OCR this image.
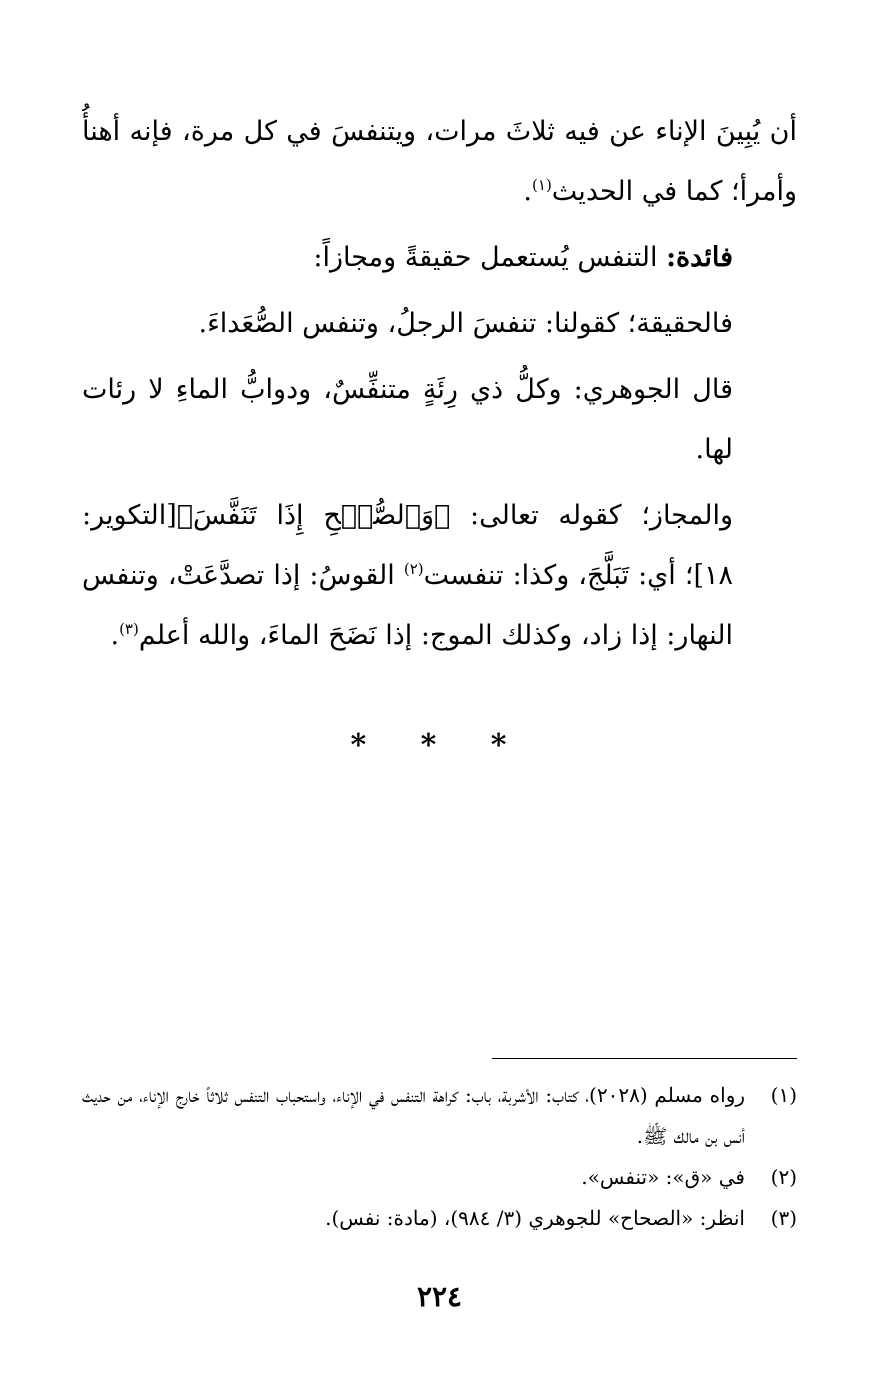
أن يُبِينَ الإناء عن فيه ثلاثَ مرات، ويتنفسَ في كل مرة، فإنه أهنأُ وأمرأ؛ كما في الحديث$^{(١)}$.

فائدة: التنفس يُستعمل حقيقةً ومجازاً:

فالحقيقة؛ كقولنا: تنفسَ الرجلُ، وتنفس الصُّعَداءَ.

قال الجوهري: وكلُّ ذي رِئَةٍ متنفِّسٌ، ودوابُّ الماءِ لا رئات لها.

والمجاز؛ كقوله تعالى: ﴿وَٱلصُّبۡحِ إِذَا تَنَفَّسَ﴾[التكوير: ١٨]؛ أي: تَبَلَّجَ، وكذا: تنفست$^{(٢)}$ القوسُ: إذا تصدَّعَتْ، وتنفس النهار: إذا زاد، وكذلك الموج: إذا نَضَحَ الماءَ، والله أعلم$^{(٣)}$.

* * *
(١)
رواه مسلم (٢٠٢٨)، كتاب: الأشربة، باب: كراهة التنفس في الإناء، واستحباب التنفس ثلاثاً خارج الإناء، من حديث أنس بن مالك ﷺ.
(٢)
في «ق»: «تنفس».
(٣)
انظر: «الصحاح» للجوهري (٣/ ٩٨٤)، (مادة: نفس).
٢٢٤
